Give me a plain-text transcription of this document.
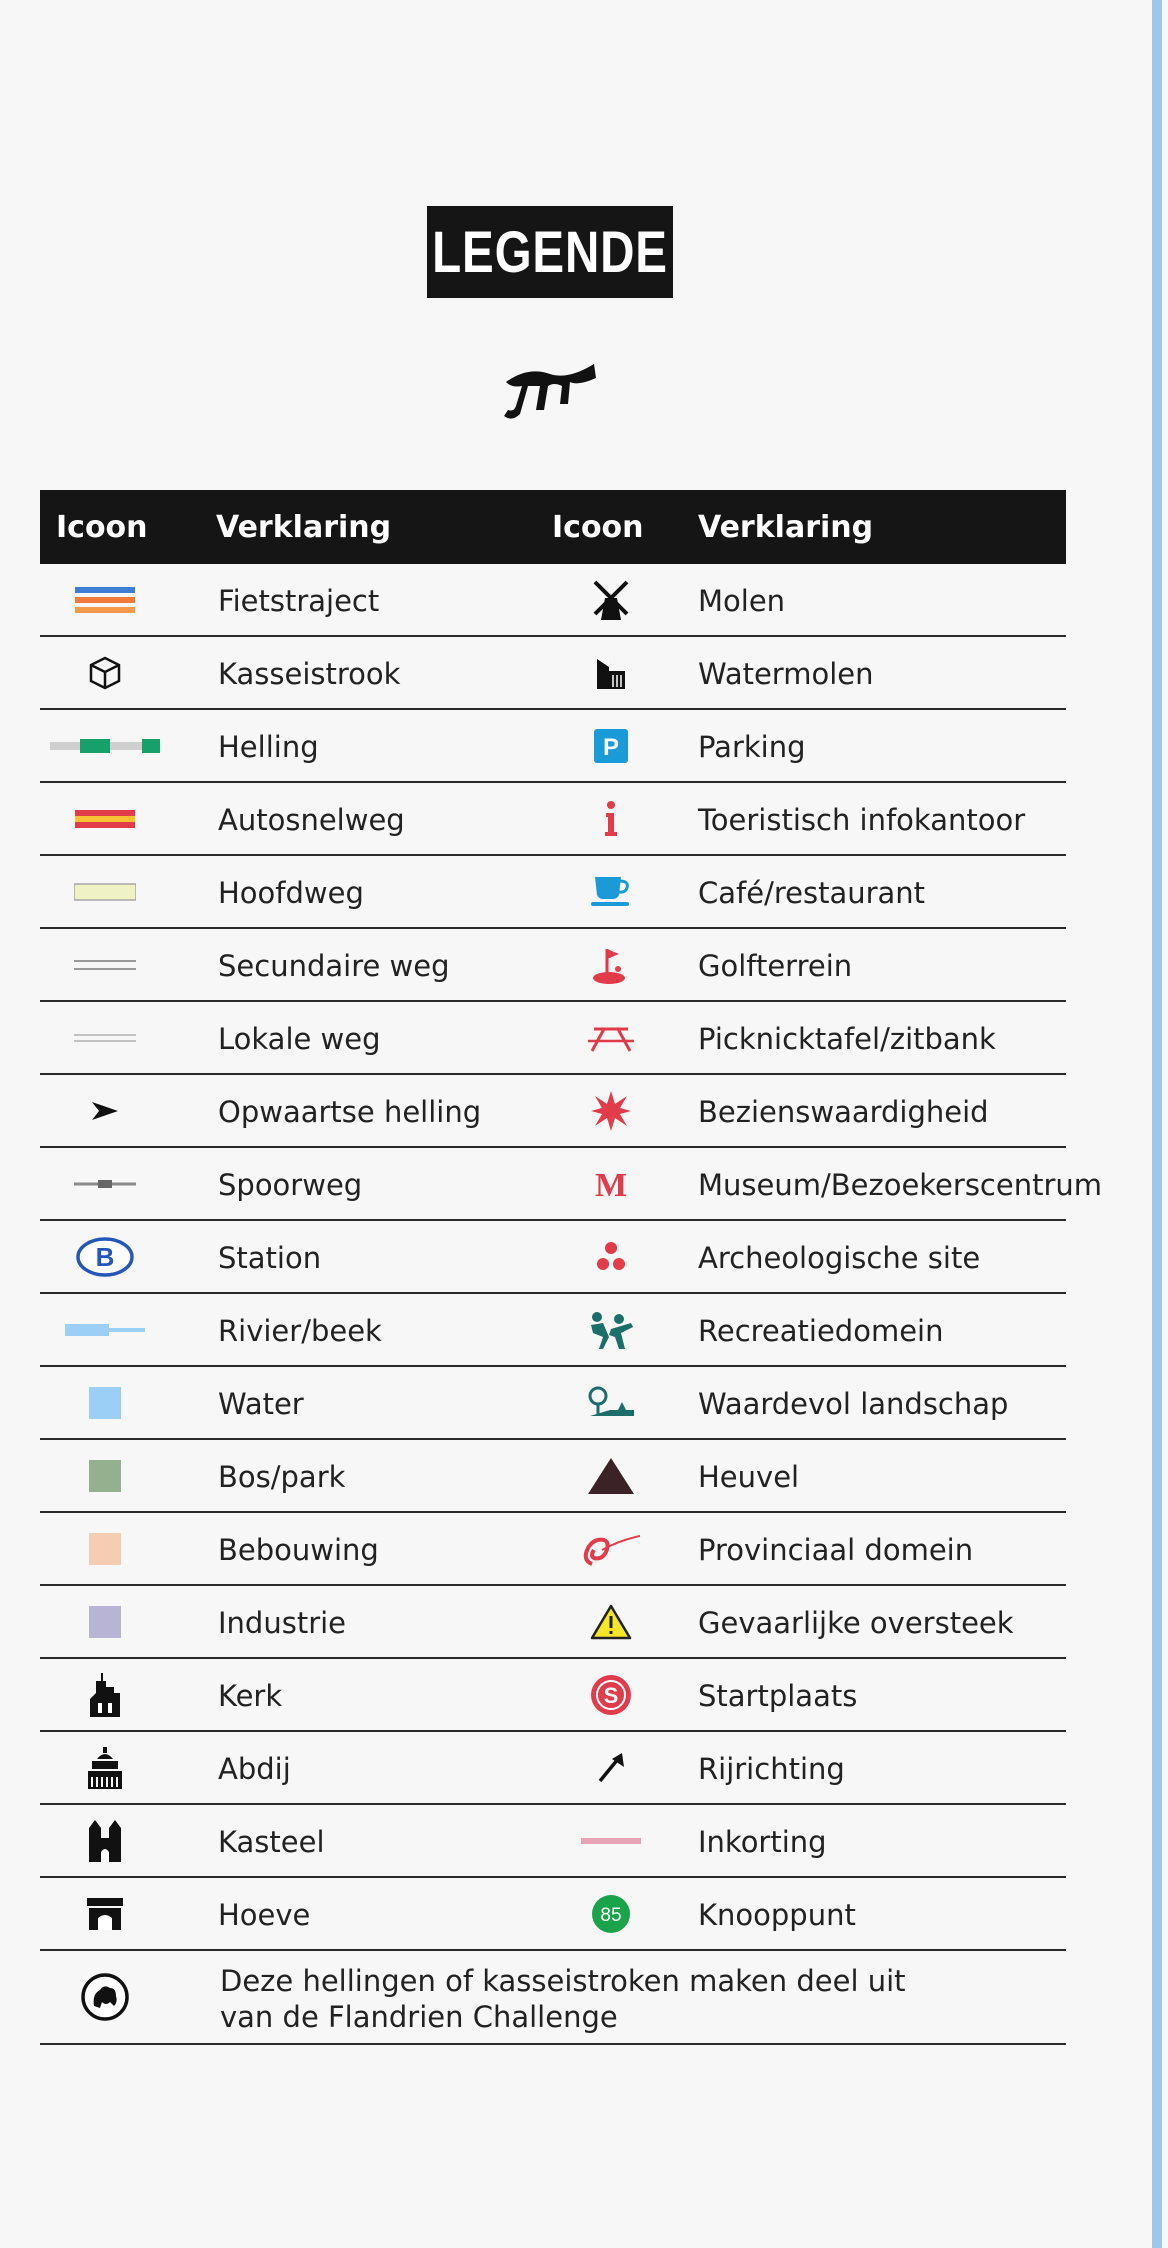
LEGENDE
Icoon Verklaring	Icoon Verklaring
Fietstraject	Molen
Kasseistrook	Watermolen
Helling	P	Parking
Autosnelweg	Toeristisch infokantoor
Hoofdweg	Café/restaurant
Secundaire weg	Golfterrein
Lokale weg	Picknicktafel/zitbank
Opwaartse helling	Bezienswaardigheid
Spoorweg	M Museum/Bezoekerscentrum
B	Station	Archeologische site
Rivier/beek	Recreatiedomein
Water	Waardevol landschap
Bos/park	Heuvel
Bebouwing	Provinciaal domein
Industrie	Gevaarlijke oversteek
Kerk	S	Startplaats
Abdij	Rijrichting
Kasteel	Inkorting
Hoeve	85	Knooppunt
Deze hellingen of kasseistroken maken deel uit
van de Flandrien Challenge
